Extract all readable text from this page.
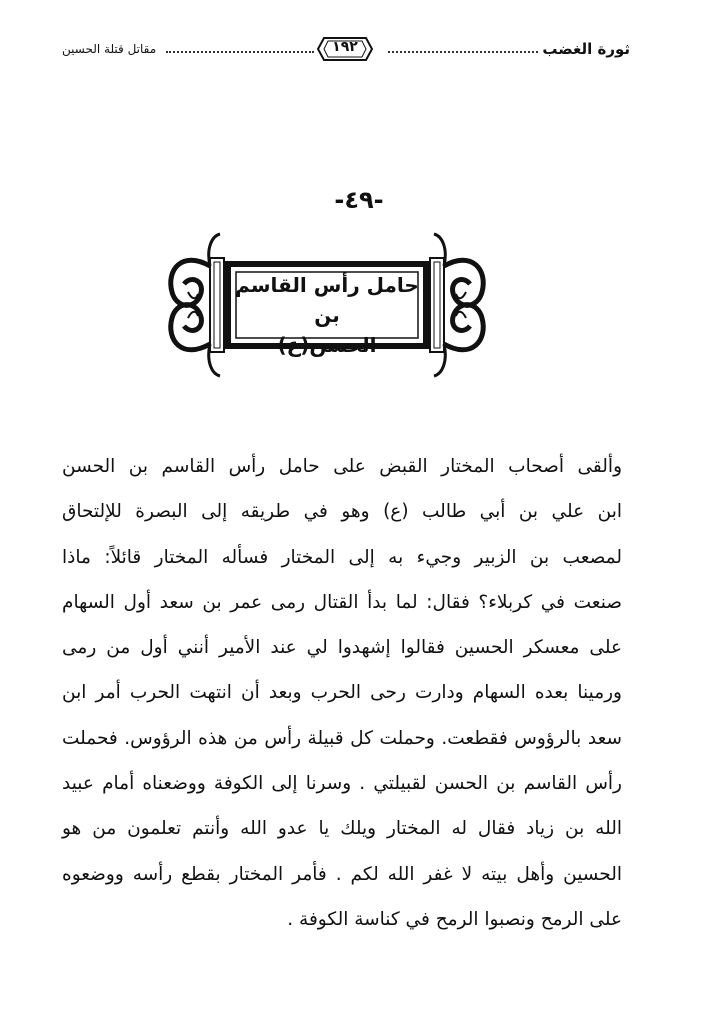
ثورة الغضب
١٩٢
مقاتل قتلة الحسين
-٤٩-
حامل رأس القاسم بن
الحسن(ع)
وألقى أصحاب المختار القبض على حامل رأس القاسم بن الحسن
ابن علي بن أبي طالب (ع) وهو في طريقه إلى البصرة للإلتحاق
لمصعب بن الزبير وجيء به إلى المختار فسأله المختار قائلاً: ماذا
صنعت في كربلاء؟ فقال: لما بدأ القتال رمى عمر بن سعد أول السهام
على معسكر الحسين فقالوا إشهدوا لي عند الأمير أنني أول من رمى
ورمينا بعده السهام ودارت رحى الحرب وبعد أن انتهت الحرب أمر ابن
سعد بالرؤوس فقطعت. وحملت كل قبيلة رأس من هذه الرؤوس. فحملت
رأس القاسم بن الحسن لقبيلتي . وسرنا إلى الكوفة ووضعناه أمام عبيد
الله بن زياد فقال له المختار ويلك يا عدو الله وأنتم تعلمون من هو
الحسين وأهل بيته لا غفر الله لكم . فأمر المختار بقطع رأسه ووضعوه
على الرمح ونصبوا الرمح في كناسة الكوفة .
